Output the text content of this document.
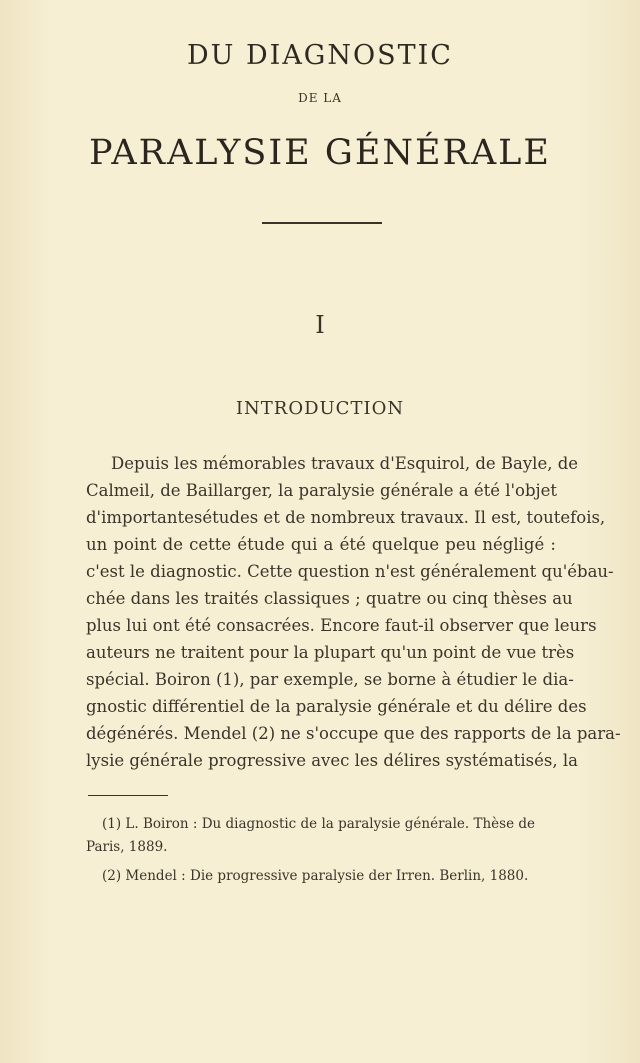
DU DIAGNOSTIC
DE LA
PARALYSIE GÉNÉRALE
I
INTRODUCTION
Depuis les mémorables travaux d'Esquirol, de Bayle, de
Calmeil, de Baillarger, la paralysie générale a été l'objet
d'importantesétudes et de nombreux travaux. Il est, toutefois,
un point de cette étude qui a été quelque peu négligé :
c'est le diagnostic. Cette question n'est généralement qu'ébau-
chée dans les traités classiques ; quatre ou cinq thèses au
plus lui ont été consacrées. Encore faut-il observer que leurs
auteurs ne traitent pour la plupart qu'un point de vue très
spécial. Boiron (1), par exemple, se borne à étudier le dia-
gnostic différentiel de la paralysie générale et du délire des
dégénérés. Mendel (2) ne s'occupe que des rapports de la para-
lysie générale progressive avec les délires systématisés, la
(1) L. Boiron : Du diagnostic de la paralysie générale. Thèse de
Paris, 1889.
(2) Mendel : Die progressive paralysie der Irren. Berlin, 1880.
